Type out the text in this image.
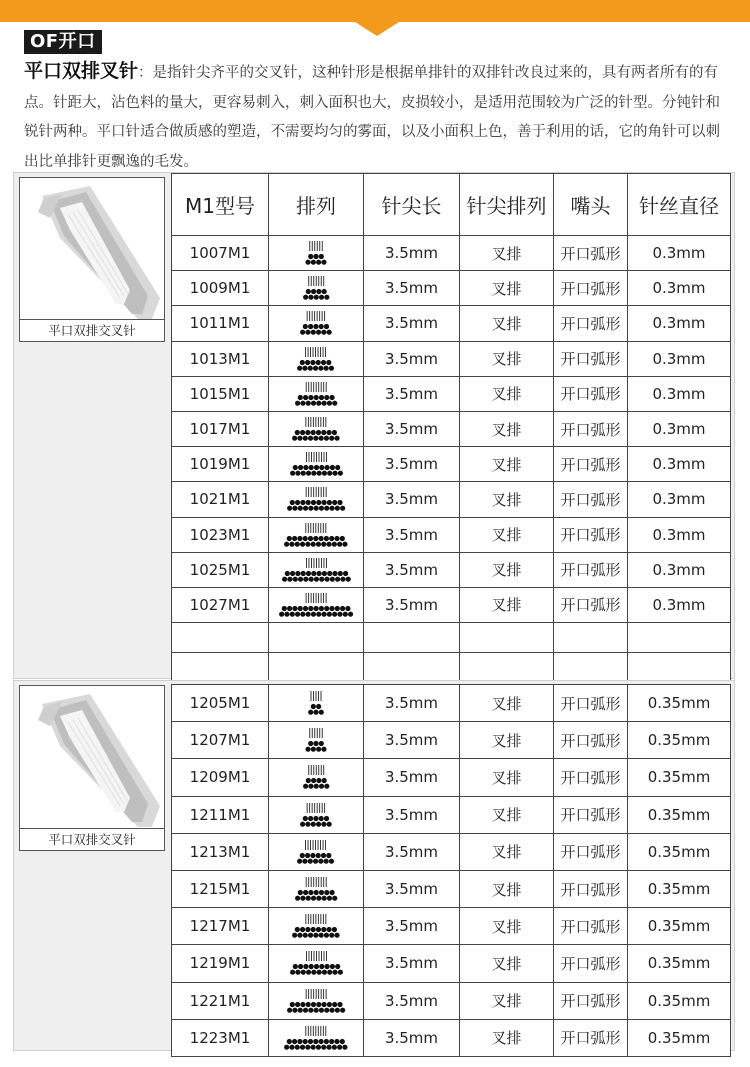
OF开口
平口双排叉针：是指针尖齐平的交叉针，这种针形是根据单排针的双排针改良过来的，具有两者所有的有点。针距大，沾色料的量大，更容易刺入，刺入面积也大，皮损较小，是适用范围较为广泛的针型。分钝针和锐针两种。平口针适合做质感的塑造，不需要均匀的雾面，以及小面积上色，善于利用的话，它的角针可以刺出比单排针更飘逸的毛发。
平口双排交叉针
M1型号	排列	针尖长	针尖排列	嘴头	针丝直径
1007M1		3.5mm	叉排	开口弧形	0.3mm
1009M1		3.5mm	叉排	开口弧形	0.3mm
1011M1		3.5mm	叉排	开口弧形	0.3mm
1013M1		3.5mm	叉排	开口弧形	0.3mm
1015M1		3.5mm	叉排	开口弧形	0.3mm
1017M1		3.5mm	叉排	开口弧形	0.3mm
1019M1		3.5mm	叉排	开口弧形	0.3mm
1021M1		3.5mm	叉排	开口弧形	0.3mm
1023M1		3.5mm	叉排	开口弧形	0.3mm
1025M1		3.5mm	叉排	开口弧形	0.3mm
1027M1		3.5mm	叉排	开口弧形	0.3mm

平口双排交叉针
1205M1		3.5mm	叉排	开口弧形	0.35mm
1207M1		3.5mm	叉排	开口弧形	0.35mm
1209M1		3.5mm	叉排	开口弧形	0.35mm
1211M1		3.5mm	叉排	开口弧形	0.35mm
1213M1		3.5mm	叉排	开口弧形	0.35mm
1215M1		3.5mm	叉排	开口弧形	0.35mm
1217M1		3.5mm	叉排	开口弧形	0.35mm
1219M1		3.5mm	叉排	开口弧形	0.35mm
1221M1		3.5mm	叉排	开口弧形	0.35mm
1223M1		3.5mm	叉排	开口弧形	0.35mm
